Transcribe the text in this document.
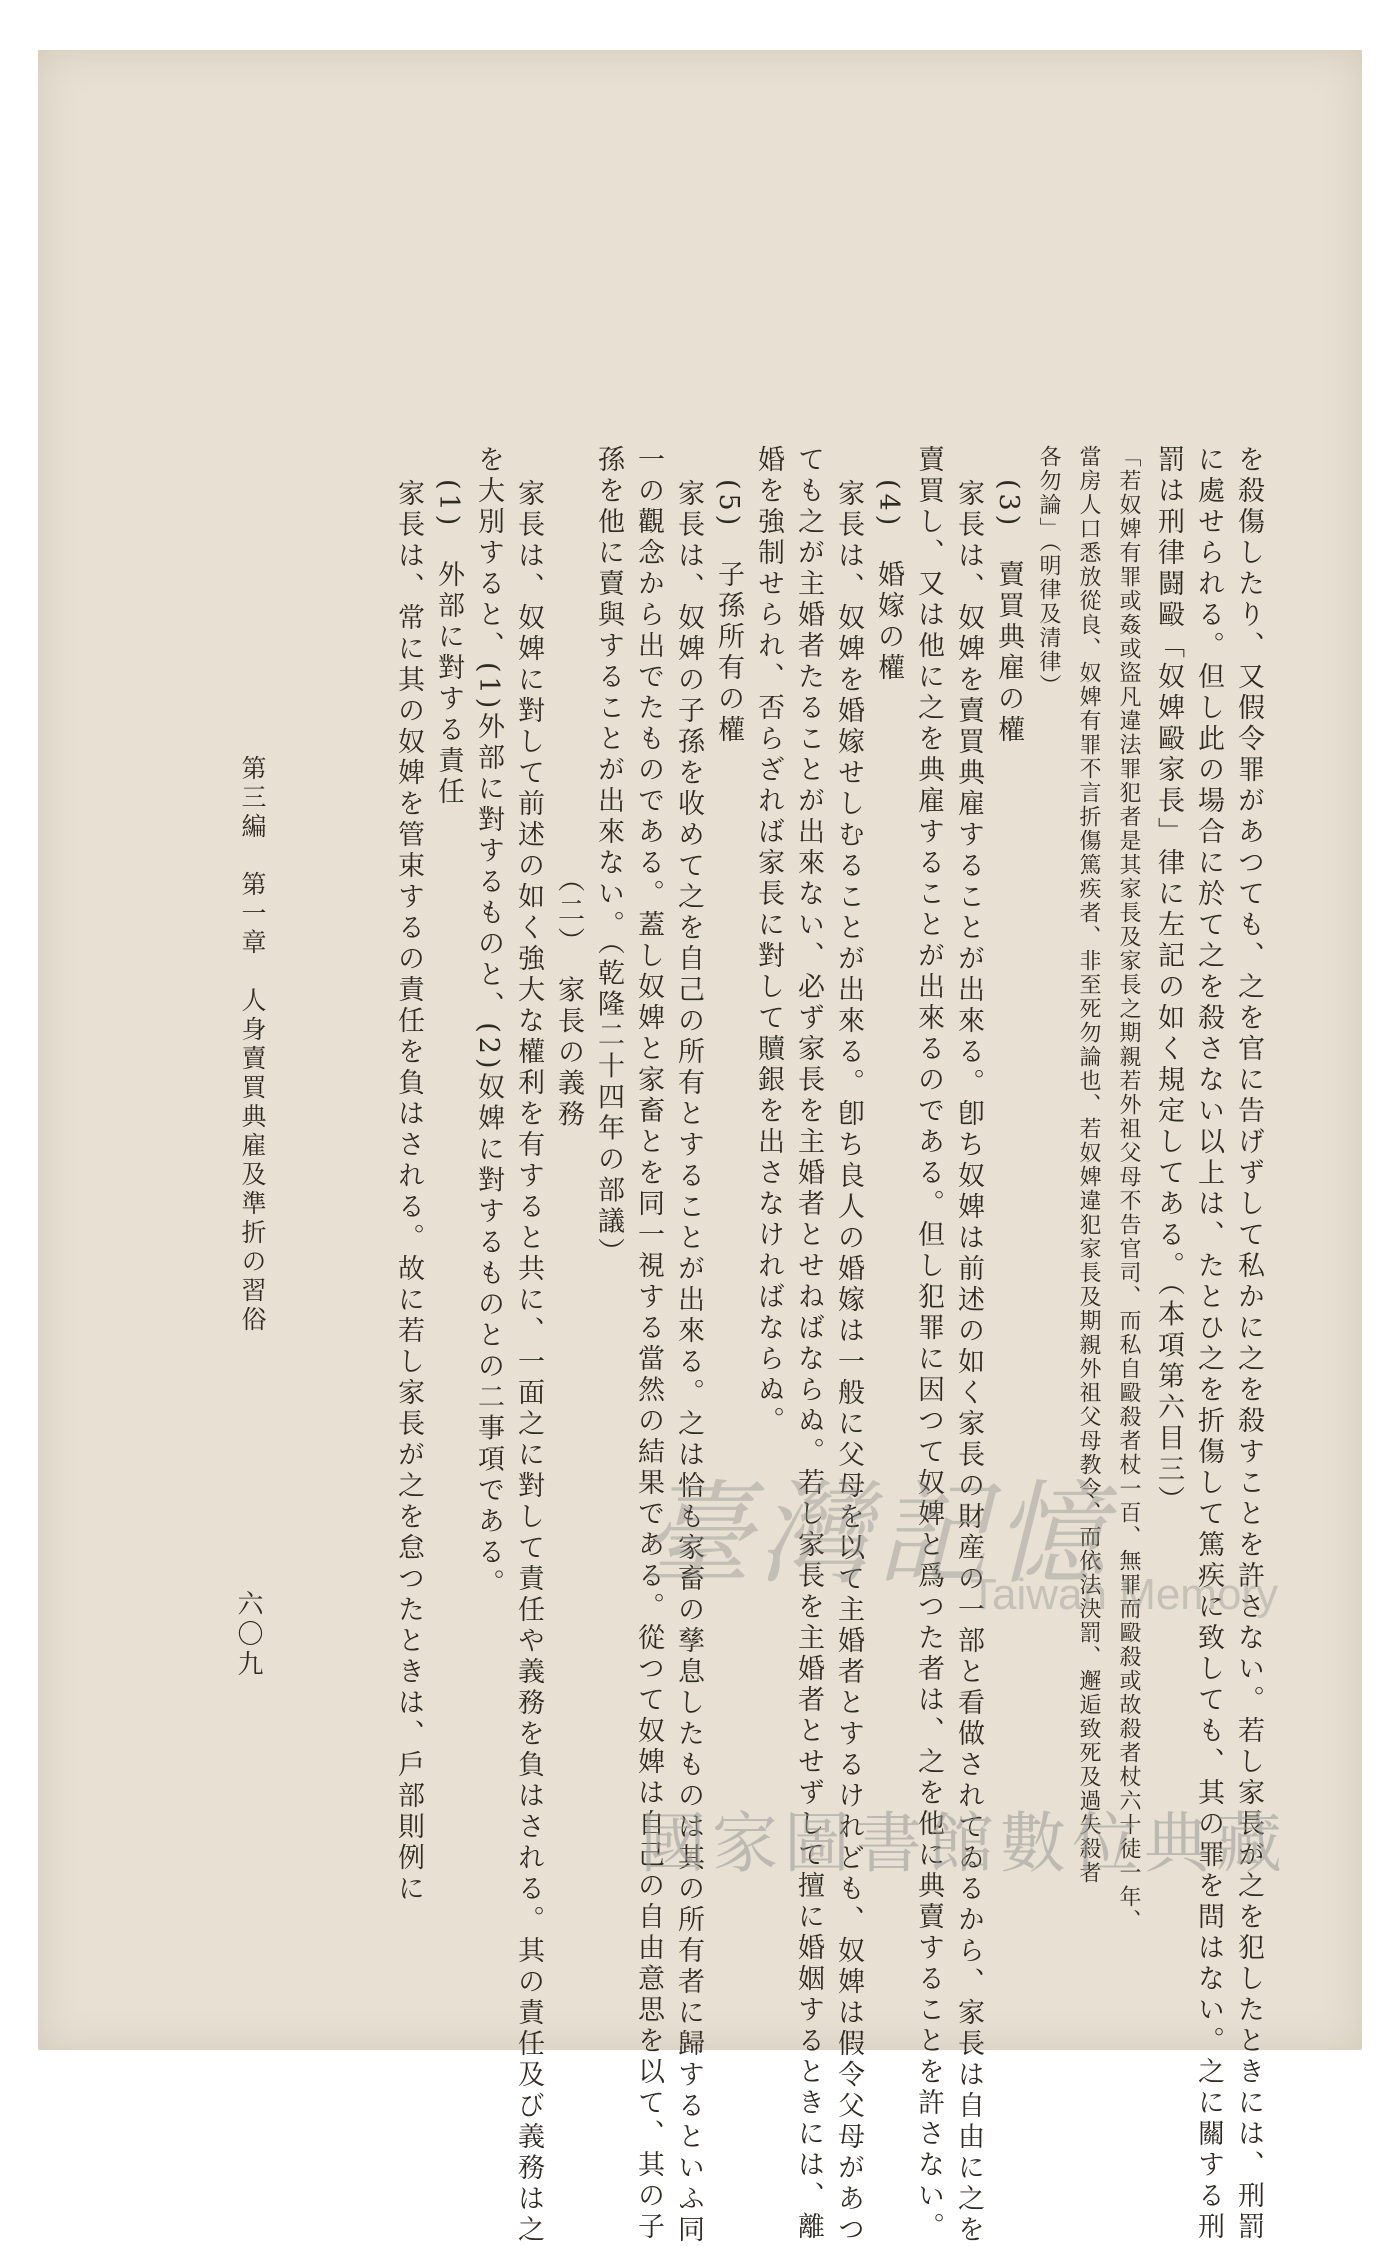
を殺傷したり、又假令罪があつても、之を官に告げずして私かに之を殺すことを許さない。若し家長が之を犯したときには、刑罰
に處せられる。但し此の場合に於て之を殺さない以上は、たとひ之を折傷して篤疾に致しても、其の罪を問はない。之に關する刑
罰は刑律闘毆「奴婢毆家長」律に左記の如く規定してある。（本項第六目三）
「若奴婢有罪或姦或盜凡違法罪犯者是其家長及家長之期親若外祖父母不告官司、而私自毆殺者杖一百、無罪而毆殺或故殺者杖六十徒一年、
當房人口悉放從良、奴婢有罪不言折傷篤疾者、非至死勿論也、若奴婢違犯家長及期親外祖父母教令、而依法決罰、邂逅致死及過失殺者
各勿論」（明律及清律）
(3)　賣買典雇の權
家長は、奴婢を賣買典雇することが出來る。卽ち奴婢は前述の如く家長の財産の一部と看做されてゐるから、家長は自由に之を
賣買し、又は他に之を典雇することが出來るのである。但し犯罪に因つて奴婢と爲つた者は、之を他に典賣することを許さない。
(4)　婚嫁の權
家長は、奴婢を婚嫁せしむることが出來る。卽ち良人の婚嫁は一般に父母を以て主婚者とするけれども、奴婢は假令父母があつ
ても之が主婚者たることが出來ない、必ず家長を主婚者とせねばならぬ。若し家長を主婚者とせずして擅に婚姻するときには、離
婚を強制せられ、否らざれば家長に對して贖銀を出さなければならぬ。
(5)　子孫所有の權
家長は、奴婢の子孫を收めて之を自己の所有とすることが出來る。之は恰も家畜の孳息したものは其の所有者に歸するといふ同
一の觀念から出でたものである。蓋し奴婢と家畜とを同一視する當然の結果である。從つて奴婢は自己の自由意思を以て、其の子
孫を他に賣與することが出來ない。（乾隆二十四年の部議）
（二）　家長の義務
家長は、奴婢に對して前述の如く強大な權利を有すると共に、一面之に對して責任や義務を負はされる。其の責任及び義務は之
を大別すると、(1)外部に對するものと、(2)奴婢に對するものとの二事項である。
(1)　外部に對する責任
家長は、常に其の奴婢を管束するの責任を負はされる。故に若し家長が之を怠つたときは、戶部則例に
第三編　第一章　人身賣買典雇及準折の習俗
六〇九
臺灣記憶
Taiwan Memory
國家圖書館數位典藏
